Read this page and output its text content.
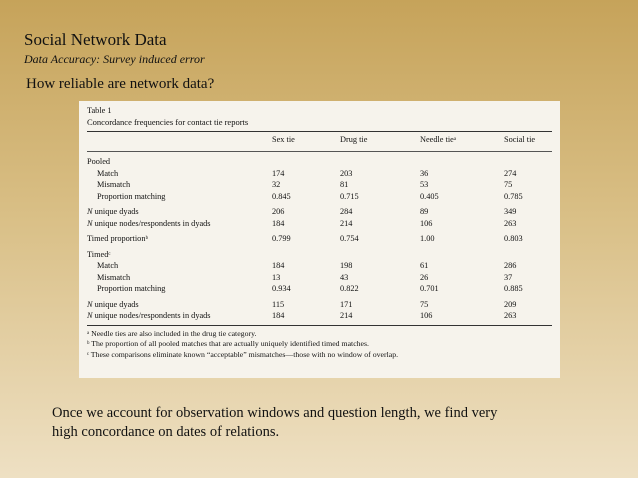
Social Network Data
Data Accuracy: Survey induced error
How reliable are network data?
Table 1
Concordance frequencies for contact tie reports
Sex tie	Drug tie	Needle tieᵃ	Social tie
Pooled
Match	174	203	36	274
Mismatch	32	81	53	75
Proportion matching	0.845	0.715	0.405	0.785
N unique dyads	206	284	89	349
N unique nodes/respondents in dyads	184	214	106	263
Timed proportionᵇ	0.799	0.754	1.00	0.803
Timedᶜ
Match	184	198	61	286
Mismatch	13	43	26	37
Proportion matching	0.934	0.822	0.701	0.885
N unique dyads	115	171	75	209
N unique nodes/respondents in dyads	184	214	106	263
ᵃ Needle ties are also included in the drug tie category.
ᵇ The proportion of all pooled matches that are actually uniquely identified timed matches.
ᶜ These comparisons eliminate known “acceptable” mismatches—those with no window of overlap.
Once we account for observation windows and question length, we find very
high concordance on dates of relations.
